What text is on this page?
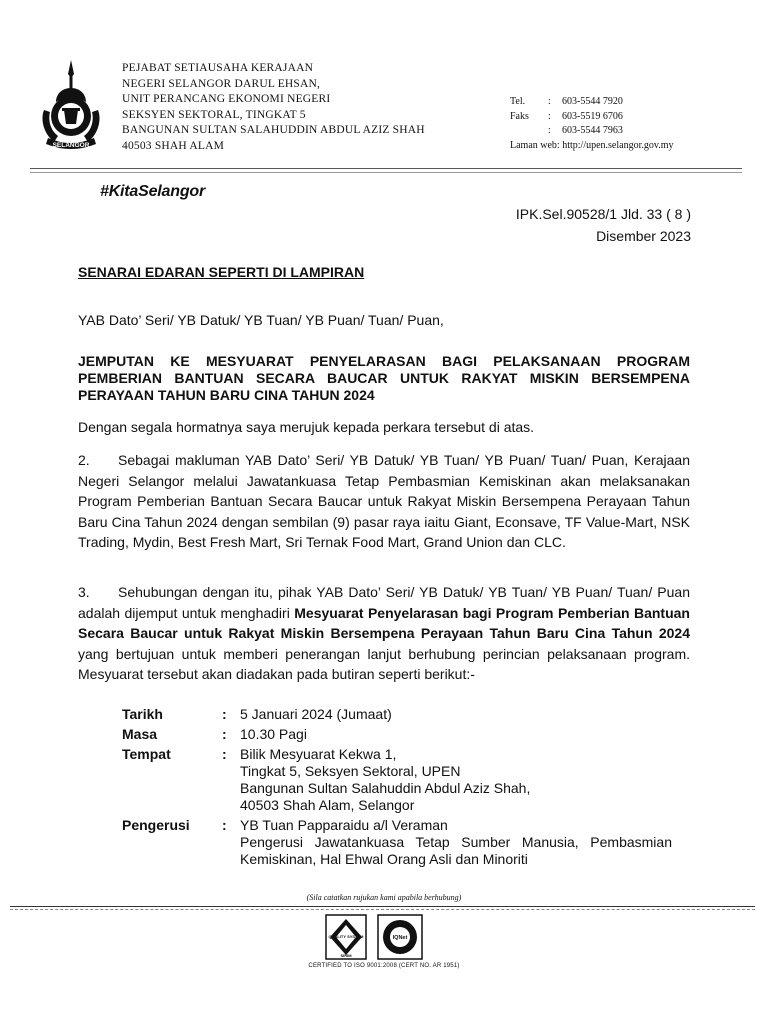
SELANGOR
PEJABAT SETIAUSAHA KERAJAAN
NEGERI SELANGOR DARUL EHSAN,
UNIT PERANCANG EKONOMI NEGERI
SEKSYEN SEKTORAL, TINGKAT 5
BANGUNAN SULTAN SALAHUDDIN ABDUL AZIZ SHAH
40503 SHAH ALAM
Tel. : 603-5544 7920
Faks : 603-5519 6706
: 603-5544 7963
Laman web: http://upen.selangor.gov.my
#KitaSelangor
IPK.Sel.90528/1 Jld. 33 ( 8 )
Disember 2023
SENARAI EDARAN SEPERTI DI LAMPIRAN
YAB Dato’ Seri/ YB Datuk/ YB Tuan/ YB Puan/ Tuan/ Puan,
JEMPUTAN KE MESYUARAT PENYELARASAN BAGI PELAKSANAAN PROGRAM PEMBERIAN BANTUAN SECARA BAUCAR UNTUK RAKYAT MISKIN BERSEMPENA PERAYAAN TAHUN BARU CINA TAHUN 2024
Dengan segala hormatnya saya merujuk kepada perkara tersebut di atas.
2. Sebagai makluman YAB Dato’ Seri/ YB Datuk/ YB Tuan/ YB Puan/ Tuan/ Puan, Kerajaan Negeri Selangor melalui Jawatankuasa Tetap Pembasmian Kemiskinan akan melaksanakan Program Pemberian Bantuan Secara Baucar untuk Rakyat Miskin Bersempena Perayaan Tahun Baru Cina Tahun 2024 dengan sembilan (9) pasar raya iaitu Giant, Econsave, TF Value-Mart, NSK Trading, Mydin, Best Fresh Mart, Sri Ternak Food Mart, Grand Union dan CLC.
3. Sehubungan dengan itu, pihak YAB Dato’ Seri/ YB Datuk/ YB Tuan/ YB Puan/ Tuan/ Puan adalah dijemput untuk menghadiri Mesyuarat Penyelarasan bagi Program Pemberian Bantuan Secara Baucar untuk Rakyat Miskin Bersempena Perayaan Tahun Baru Cina Tahun 2024 yang bertujuan untuk memberi penerangan lanjut berhubung perincian pelaksanaan program. Mesyuarat tersebut akan diadakan pada butiran seperti berikut:-
Tarikh	: 5 Januari 2024 (Jumaat)
Masa	: 10.30 Pagi
Tempat	: Bilik Mesyuarat Kekwa 1,
Tingkat 5, Seksyen Sektoral, UPEN
Bangunan Sultan Salahuddin Abdul Aziz Shah,
40503 Shah Alam, Selangor
Pengerusi	: YB Tuan Papparaidu a/l Veraman
Pengerusi Jawatankuasa Tetap Sumber Manusia, Pembasmian Kemiskinan, Hal Ehwal Orang Asli dan Minoriti
(Sila catatkan rujukan kami apabila berhubung)
QUALITY SYSTEM
SIRIM
IQNet
CERTIFIED TO ISO 9001:2008 (CERT NO. AR 1951)
